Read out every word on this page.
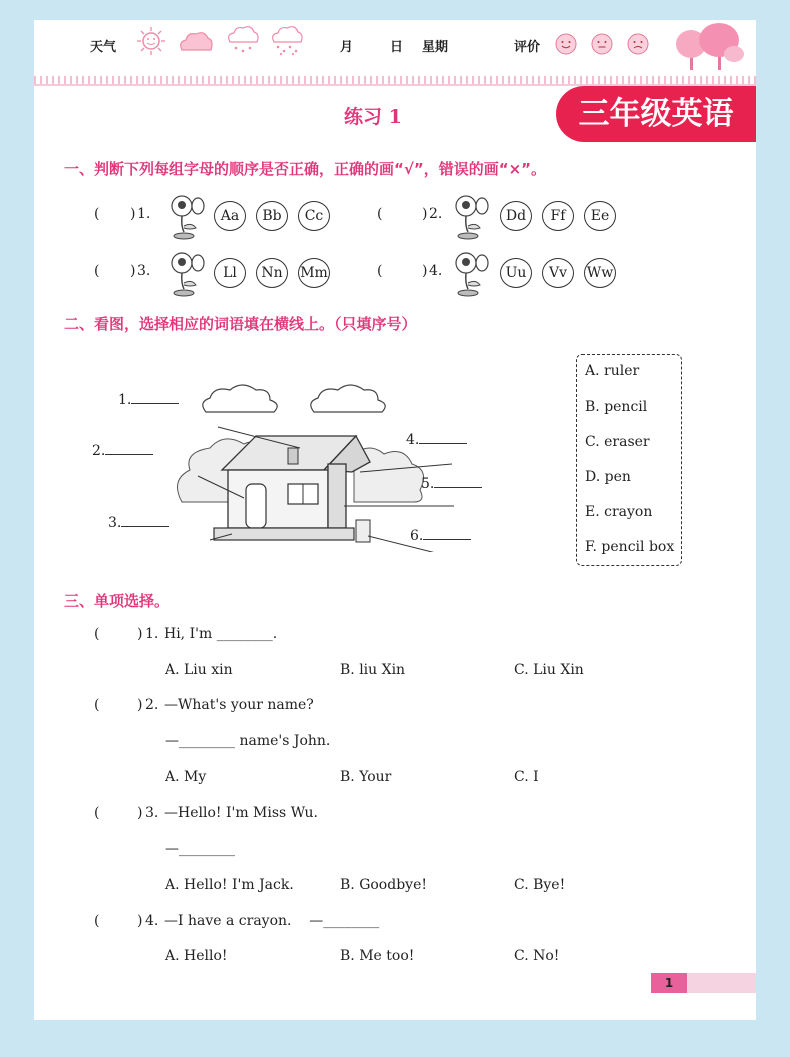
天气	月	日 星期	评价
练习 1	三年级英语
一、判断下列每组字母的顺序是否正确，正确的画“√”，错误的画“×”。
( ) 1.	Aa	Bb	Cc	(	) 2.	Dd	Ff	Ee
( ) 3.	Ll	Nn	Mm	(	) 4.	Uu	Vv	Ww
二、看图，选择相应的词语填在横线上。（只填序号）
1.
2.
3.
4.
5.
6.
A. ruler
B. pencil
C. eraser
D. pen
E. crayon
F. pencil box
三、单项选择。
(	) 1. Hi, I'm ________.
A. Liu xin	B. liu Xin	C. Liu Xin
(	) 2. —What's your name?
—________ name's John.
A. My	B. Your	C. I
(	) 3. —Hello! I'm Miss Wu.
—________
A. Hello! I'm Jack.	B. Goodbye!	C. Bye!
(	) 4. —I have a crayon.    —________
A. Hello!	B. Me too!	C. No!
1
